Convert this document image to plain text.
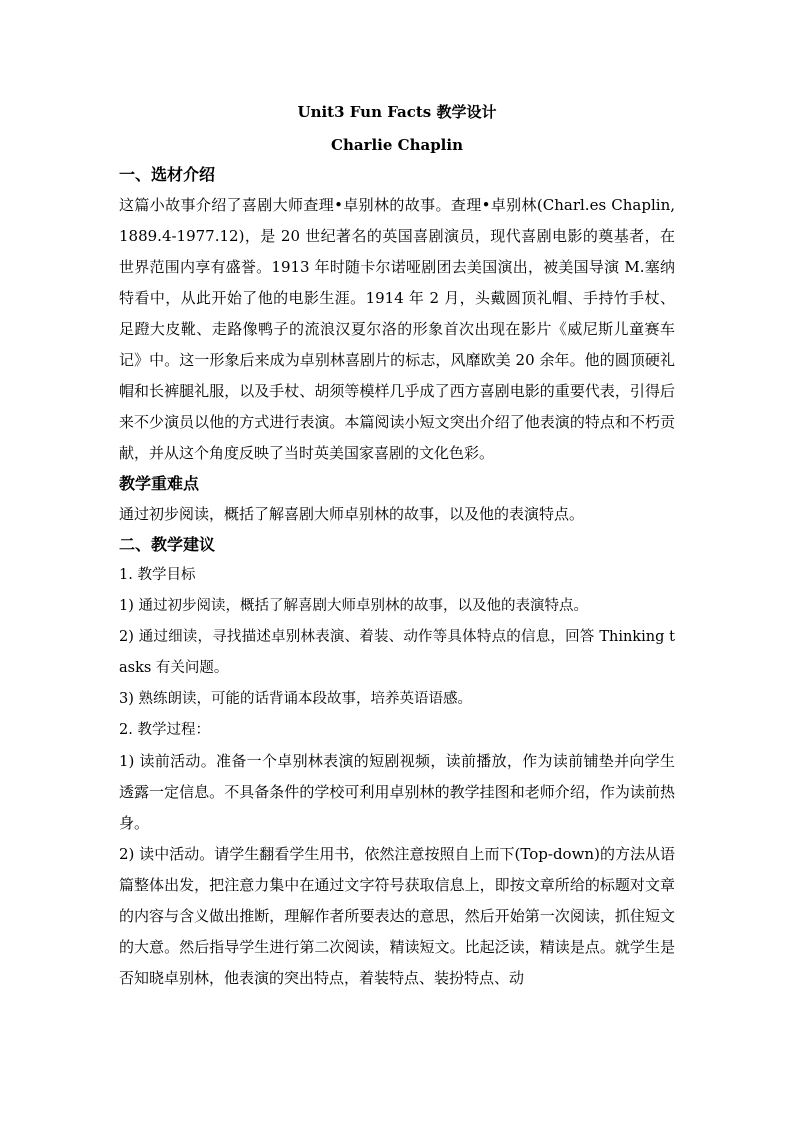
Unit3 Fun Facts 教学设计

Charlie Chaplin

一、选材介绍

这篇小故事介绍了喜剧大师查理•卓别林的故事。查理•卓别林(Charl.es Chaplin, 1889.4-1977.12)，是 20 世纪著名的英国喜剧演员，现代喜剧电影的奠基者，在世界范围内享有盛誉。1913 年时随卡尔诺哑剧团去美国演出，被美国导演 M.塞纳特看中，从此开始了他的电影生涯。1914 年 2 月，头戴圆顶礼帽、手持竹手杖、足蹬大皮靴、走路像鸭子的流浪汉夏尔洛的形象首次出现在影片《威尼斯儿童赛车记》中。这一形象后来成为卓别林喜剧片的标志，风靡欧美 20 余年。他的圆顶硬礼帽和长裤腿礼服，以及手杖、胡须等模样几乎成了西方喜剧电影的重要代表，引得后来不少演员以他的方式进行表演。本篇阅读小短文突出介绍了他表演的特点和不朽贡献，并从这个角度反映了当时英美国家喜剧的文化色彩。

教学重难点

通过初步阅读，概括了解喜剧大师卓别林的故事，以及他的表演特点。

二、教学建议

1. 教学目标

1) 通过初步阅读，概括了解喜剧大师卓别林的故事，以及他的表演特点。

2) 通过细读，寻找描述卓别林表演、着装、动作等具体特点的信息，回答 Thinking tasks 有关问题。

3) 熟练朗读，可能的话背诵本段故事，培养英语语感。

2. 教学过程：

1) 读前活动。准备一个卓别林表演的短剧视频，读前播放，作为读前铺垫并向学生透露一定信息。不具备条件的学校可利用卓别林的教学挂图和老师介绍，作为读前热身。

2) 读中活动。请学生翻看学生用书，依然注意按照自上而下(Top-down)的方法从语篇整体出发，把注意力集中在通过文字符号获取信息上，即按文章所给的标题对文章的内容与含义做出推断，理解作者所要表达的意思，然后开始第一次阅读，抓住短文的大意。然后指导学生进行第二次阅读，精读短文。比起泛读，精读是点。就学生是否知晓卓别林，他表演的突出特点，着装特点、装扮特点、动
